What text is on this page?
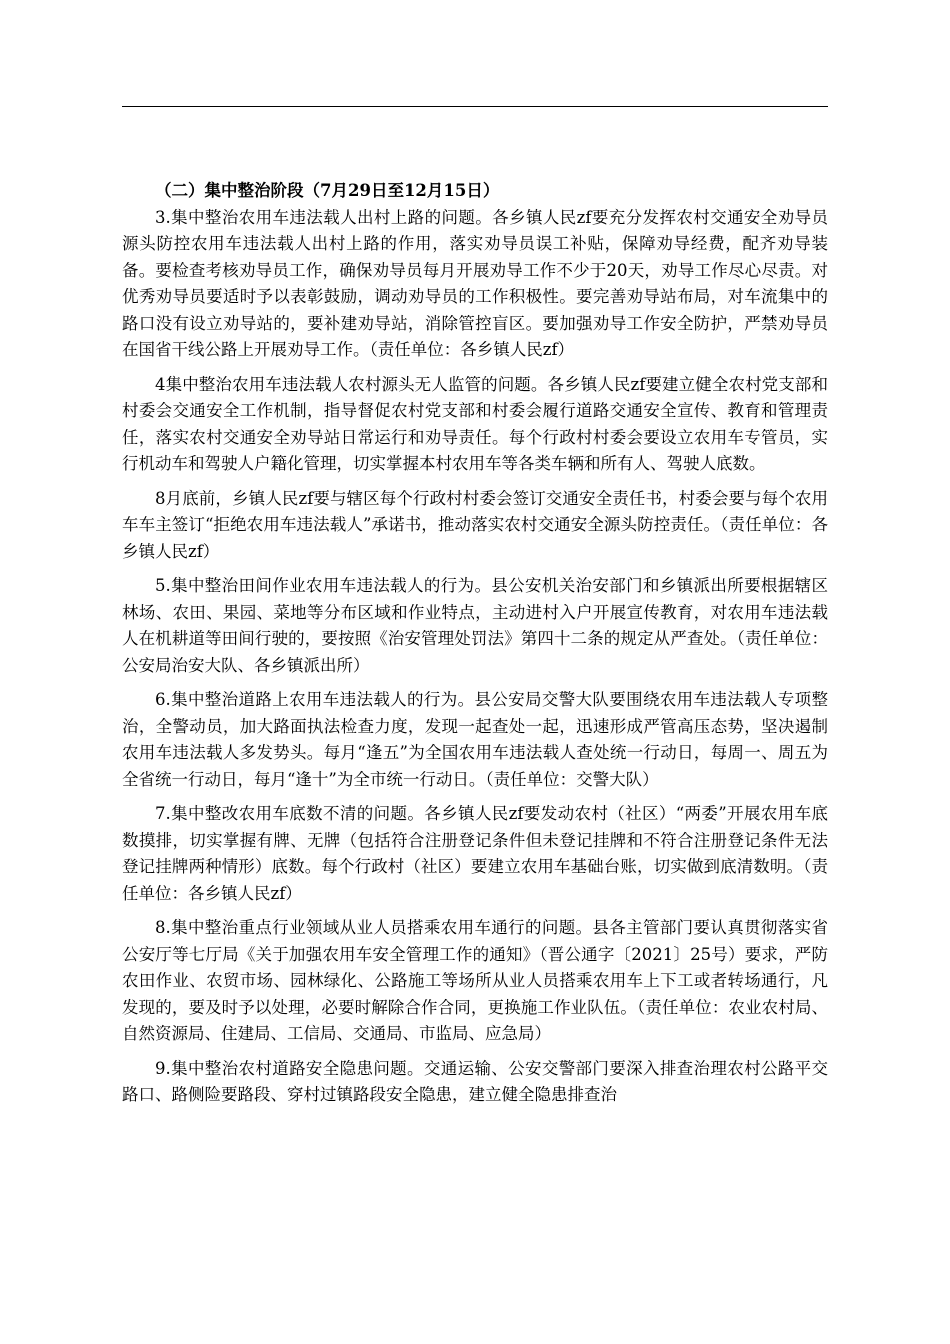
（二）集中整治阶段（7月29日至12月15日）

3.集中整治农用车违法载人出村上路的问题。各乡镇人民zf要充分发挥农村交通安全劝导员源头防控农用车违法载人出村上路的作用，落实劝导员误工补贴，保障劝导经费，配齐劝导装备。要检查考核劝导员工作，确保劝导员每月开展劝导工作不少于20天，劝导工作尽心尽责。对优秀劝导员要适时予以表彰鼓励，调动劝导员的工作积极性。要完善劝导站布局，对车流集中的路口没有设立劝导站的，要补建劝导站，消除管控盲区。要加强劝导工作安全防护，严禁劝导员在国省干线公路上开展劝导工作。（责任单位：各乡镇人民zf）

4集中整治农用车违法载人农村源头无人监管的问题。各乡镇人民zf要建立健全农村党支部和村委会交通安全工作机制，指导督促农村党支部和村委会履行道路交通安全宣传、教育和管理责任，落实农村交通安全劝导站日常运行和劝导责任。每个行政村村委会要设立农用车专管员，实行机动车和驾驶人户籍化管理，切实掌握本村农用车等各类车辆和所有人、驾驶人底数。

8月底前，乡镇人民zf要与辖区每个行政村村委会签订交通安全责任书，村委会要与每个农用车车主签订“拒绝农用车违法载人”承诺书，推动落实农村交通安全源头防控责任。（责任单位：各乡镇人民zf）

5.集中整治田间作业农用车违法载人的行为。县公安机关治安部门和乡镇派出所要根据辖区林场、农田、果园、菜地等分布区域和作业特点，主动进村入户开展宣传教育，对农用车违法载人在机耕道等田间行驶的，要按照《治安管理处罚法》第四十二条的规定从严查处。（责任单位：公安局治安大队、各乡镇派出所）

6.集中整治道路上农用车违法载人的行为。县公安局交警大队要围绕农用车违法载人专项整治，全警动员，加大路面执法检查力度，发现一起查处一起，迅速形成严管高压态势，坚决遏制农用车违法载人多发势头。每月“逢五”为全国农用车违法载人查处统一行动日，每周一、周五为全省统一行动日，每月“逢十”为全市统一行动日。（责任单位：交警大队）

7.集中整改农用车底数不清的问题。各乡镇人民zf要发动农村（社区）“两委”开展农用车底数摸排，切实掌握有牌、无牌（包括符合注册登记条件但未登记挂牌和不符合注册登记条件无法登记挂牌两种情形）底数。每个行政村（社区）要建立农用车基础台账，切实做到底清数明。（责任单位：各乡镇人民zf）

8.集中整治重点行业领域从业人员搭乘农用车通行的问题。县各主管部门要认真贯彻落实省公安厅等七厅局《关于加强农用车安全管理工作的通知》（晋公通字〔2021〕25号）要求，严防农田作业、农贸市场、园林绿化、公路施工等场所从业人员搭乘农用车上下工或者转场通行，凡发现的，要及时予以处理，必要时解除合作合同，更换施工作业队伍。（责任单位：农业农村局、自然资源局、住建局、工信局、交通局、市监局、应急局）

9.集中整治农村道路安全隐患问题。交通运输、公安交警部门要深入排查治理农村公路平交路口、路侧险要路段、穿村过镇路段安全隐患，建立健全隐患排查治
